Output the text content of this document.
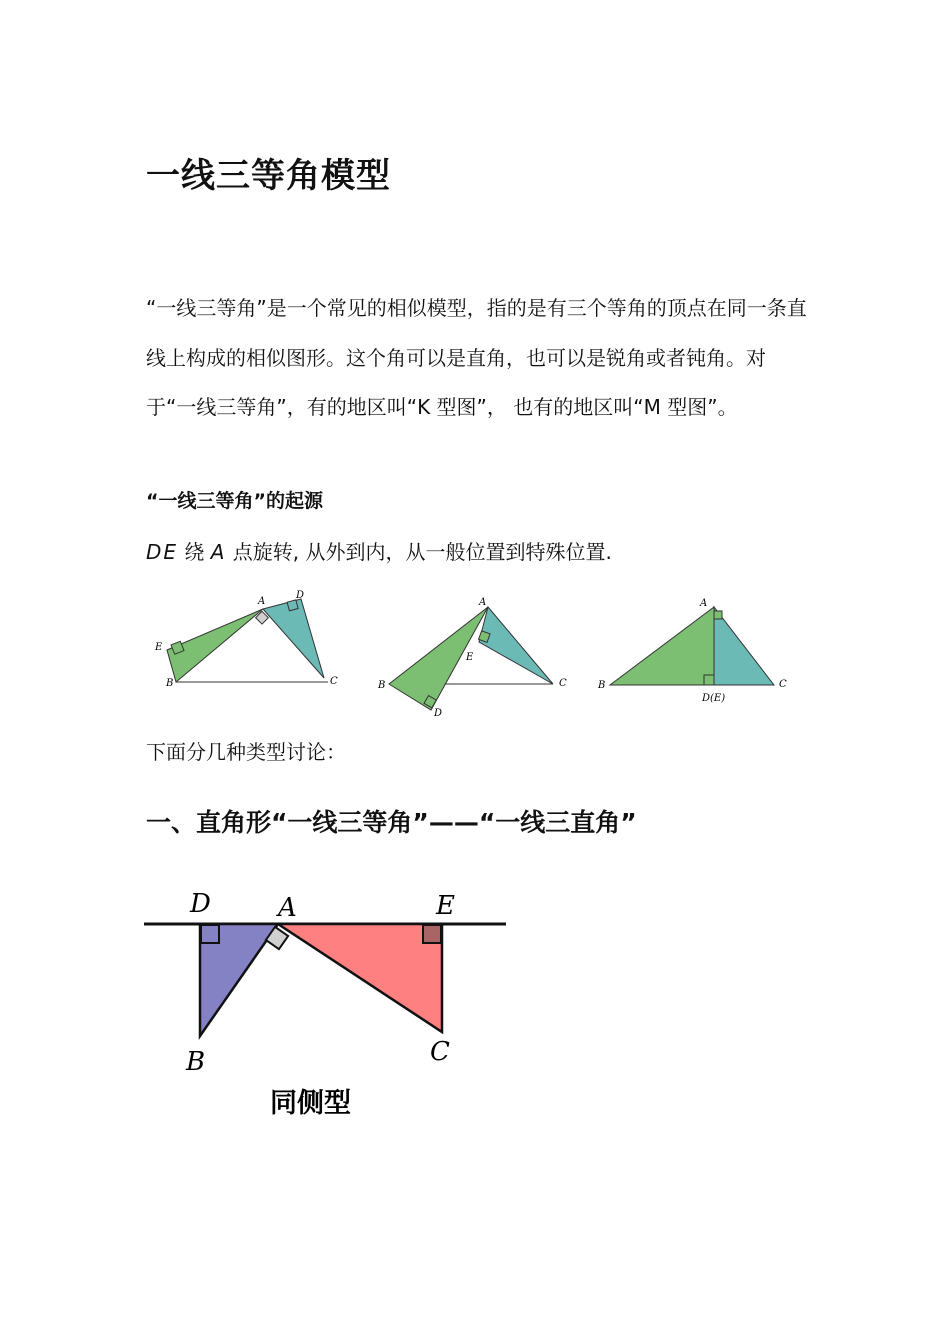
一线三等角模型
“一线三等角”是一个常见的相似模型，指的是有三个等角的顶点在同一条直线上构成的相似图形。这个角可以是直角，也可以是锐角或者钝角。对于“一线三等角”，有的地区叫“K 型图”， 也有的地区叫“M 型图”。
“一线三等角”的起源
DE 绕 A 点旋转, 从外到内，从一般位置到特殊位置.
A
D
E
B	C
A
E
B	C
D
A
B	C
D(E)
下面分几种类型讨论：
一、直角形“一线三等角”——“一线三直角”
D	A	E
B	C
同侧型
